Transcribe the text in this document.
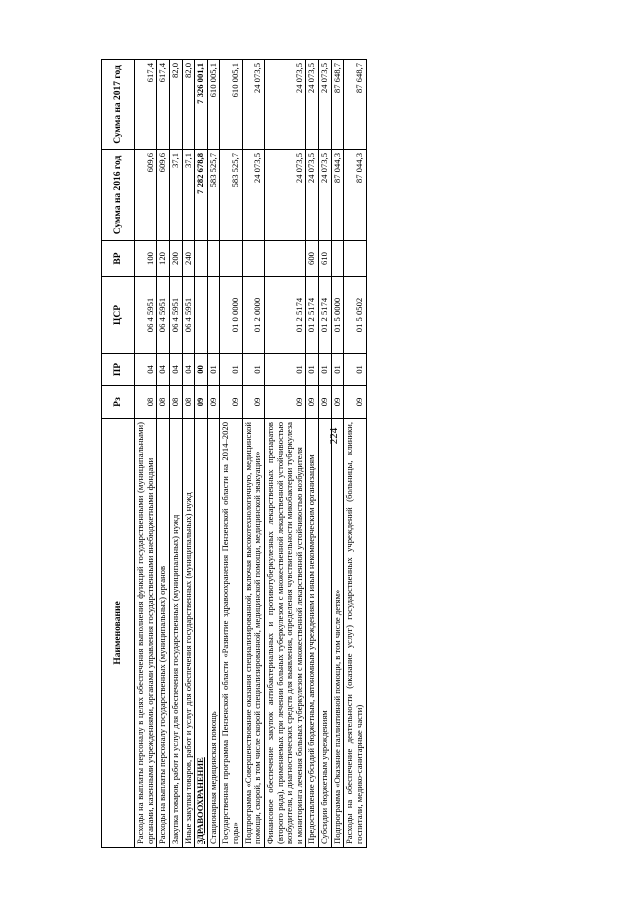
224
Наименование	Рз	ПР	ЦСР	ВР	Сумма на 2016 год	Сумма на 2017 год
Расходы на выплаты персоналу в целях обеспечения выполнения функций государственными (муниципальными) органами, казенными учреждениями, органами управления государственными внебюджетными фондами	08	04	06 4 5951	100	609,6	617,4
Расходы на выплаты персоналу государственных (муниципальных) органов	08	04	06 4 5951	120	609,6	617,4
Закупка товаров, работ и услуг для обеспечения государственных (муниципальных) нужд	08	04	06 4 5951	200	37,1	82,0
Иные закупки товаров, работ и услуг для обеспечения государственных (муниципальных) нужд	08	04	06 4 5951	240	37,1	82,0
ЗДРАВООХРАНЕНИЕ	09	00			7 282 678,8	7 326 001,1
Стационарная медицинская помощь	09	01			583 525,7	610 005,1
Государственная программа Пензенской области «Развитие здравоохранения Пензенской области на 2014–2020 годы»	09	01	01 0 0000		583 525,7	610 005,1
Подпрограмма «Совершенствование оказания специализированной, включая высокотехнологичную, медицинской помощи, скорой, в том числе скорой специализированной, медицинской помощи, медицинской эвакуации»	09	01	01 2 0000		24 073,5	24 073,5
Финансовое обеспечение закупок антибактериальных и противотуберкулезных лекарственных препаратов (второго ряда), применяемых при лечении больных туберкулезом с множественной лекарственной устойчивостью возбудителя, и диагностических средств для выявления, определения чувствительности микобактерии туберкулеза и мониторинга лечения больных туберкулезом с множественной лекарственной устойчивостью возбудителя	09	01	01 2 5174		24 073,5	24 073,5
Предоставление субсидий бюджетным, автономным учреждениям и иным некоммерческим организациям	09	01	01 2 5174	600	24 073,5	24 073,5
Субсидии бюджетным учреждениям	09	01	01 2 5174	610	24 073,5	24 073,5
Подпрограмма «Оказание паллиативной помощи, в том числе детям»	09	01	01 5 0000		87 044,3	87 648,7
Расходы на обеспечение деятельности (оказание услуг) государственных учреждений (больницы, клиники, госпитали, медико-санитарные части)	09	01	01 5 0502		87 044,3	87 648,7
